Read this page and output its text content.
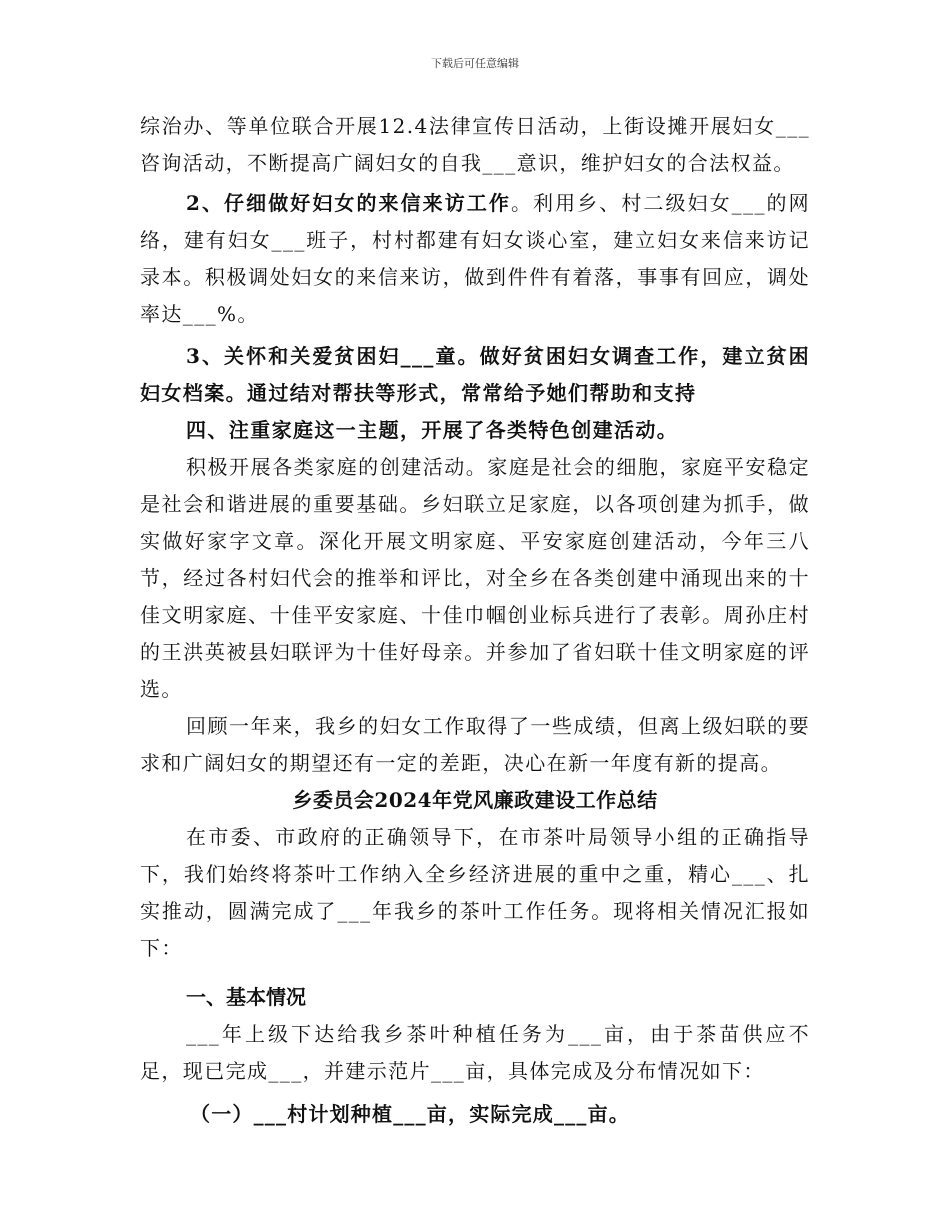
下载后可任意编辑

综治办、等单位联合开展12.4法律宣传日活动，上街设摊开展妇女___咨询活动，不断提高广阔妇女的自我___意识，维护妇女的合法权益。

2、仔细做好妇女的来信来访工作。利用乡、村二级妇女___的网络，建有妇女___班子，村村都建有妇女谈心室，建立妇女来信来访记录本。积极调处妇女的来信来访，做到件件有着落，事事有回应，调处率达___%。

3、关怀和关爱贫困妇___童。做好贫困妇女调查工作，建立贫困妇女档案。通过结对帮扶等形式，常常给予她们帮助和支持

四、注重家庭这一主题，开展了各类特色创建活动。

积极开展各类家庭的创建活动。家庭是社会的细胞，家庭平安稳定是社会和谐进展的重要基础。乡妇联立足家庭，以各项创建为抓手，做实做好家字文章。深化开展文明家庭、平安家庭创建活动，今年三八节，经过各村妇代会的推举和评比，对全乡在各类创建中涌现出来的十佳文明家庭、十佳平安家庭、十佳巾帼创业标兵进行了表彰。周孙庄村的王洪英被县妇联评为十佳好母亲。并参加了省妇联十佳文明家庭的评选。

回顾一年来，我乡的妇女工作取得了一些成绩，但离上级妇联的要求和广阔妇女的期望还有一定的差距，决心在新一年度有新的提高。

乡委员会2024年党风廉政建设工作总结

在市委、市政府的正确领导下，在市茶叶局领导小组的正确指导下，我们始终将茶叶工作纳入全乡经济进展的重中之重，精心___、扎实推动，圆满完成了___年我乡的茶叶工作任务。现将相关情况汇报如下：

一、基本情况

___年上级下达给我乡茶叶种植任务为___亩，由于茶苗供应不足，现已完成___，并建示范片___亩，具体完成及分布情况如下：

（一）___村计划种植___亩，实际完成___亩。
